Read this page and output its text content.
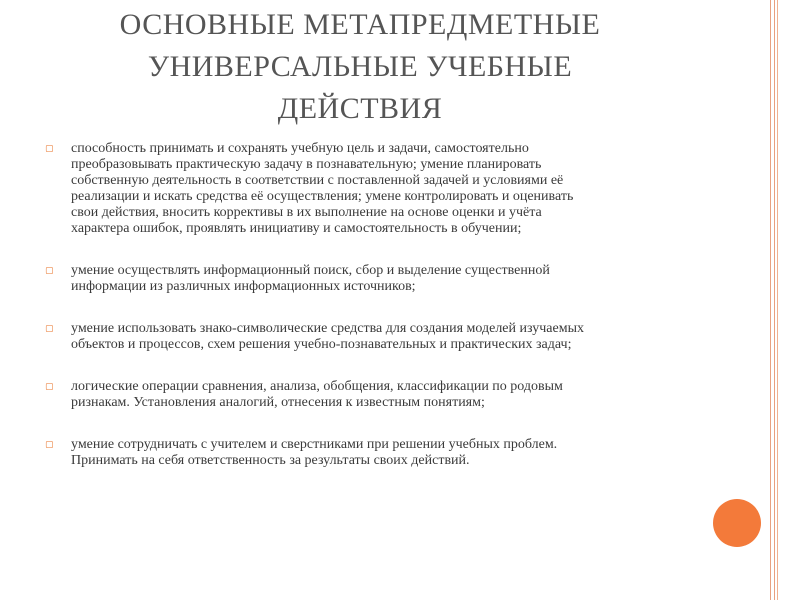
ОСНОВНЫЕ МЕТАПРЕДМЕТНЫЕ
УНИВЕРСАЛЬНЫЕ УЧЕБНЫЕ
ДЕЙСТВИЯ
▢ способность принимать и сохранять учебную цель и задачи, самостоятельно
преобразовывать практическую задачу в познавательную; умение планировать
собственную деятельность в соответствии с поставленной задачей и условиями её
реализации и искать средства её осуществления; умене контролировать и оценивать
свои действия, вносить коррективы в их выполнение на основе оценки и учёта
характера ошибок, проявлять инициативу и самостоятельность в обучении;
▢ умение осуществлять информационный поиск, сбор и выделение существенной
информации из различных информационных источников;
▢ умение использовать знако-символические средства для создания моделей изучаемых
объектов и процессов, схем решения учебно-познавательных и практических задач;
▢ логические операции сравнения, анализа, обобщения, классификации по родовым
ризнакам. Установления аналогий, отнесения к известным понятиям;
▢ умение сотрудничать с учителем и сверстниками при решении учебных проблем.
Принимать на себя ответственность за результаты своих действий.
